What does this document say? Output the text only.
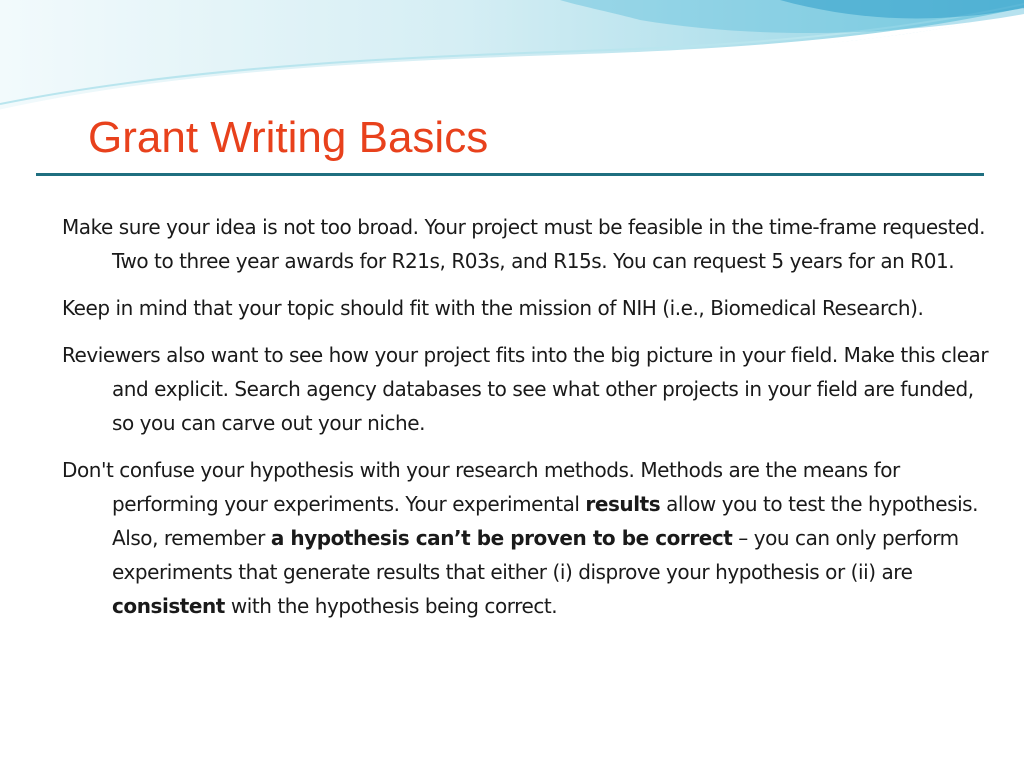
Grant Writing Basics

Make sure your idea is not too broad. Your project must be feasible in the time-frame requested. Two to three year awards for R21s, R03s, and R15s. You can request 5 years for an R01.

Keep in mind that your topic should fit with the mission of NIH (i.e., Biomedical Research).

Reviewers also want to see how your project fits into the big picture in your field. Make this clear and explicit. Search agency databases to see what other projects in your field are funded, so you can carve out your niche.

Don't confuse your hypothesis with your research methods. Methods are the means for performing your experiments. Your experimental results allow you to test the hypothesis. Also, remember a hypothesis can’t be proven to be correct – you can only perform experiments that generate results that either (i) disprove your hypothesis or (ii) are consistent with the hypothesis being correct.
